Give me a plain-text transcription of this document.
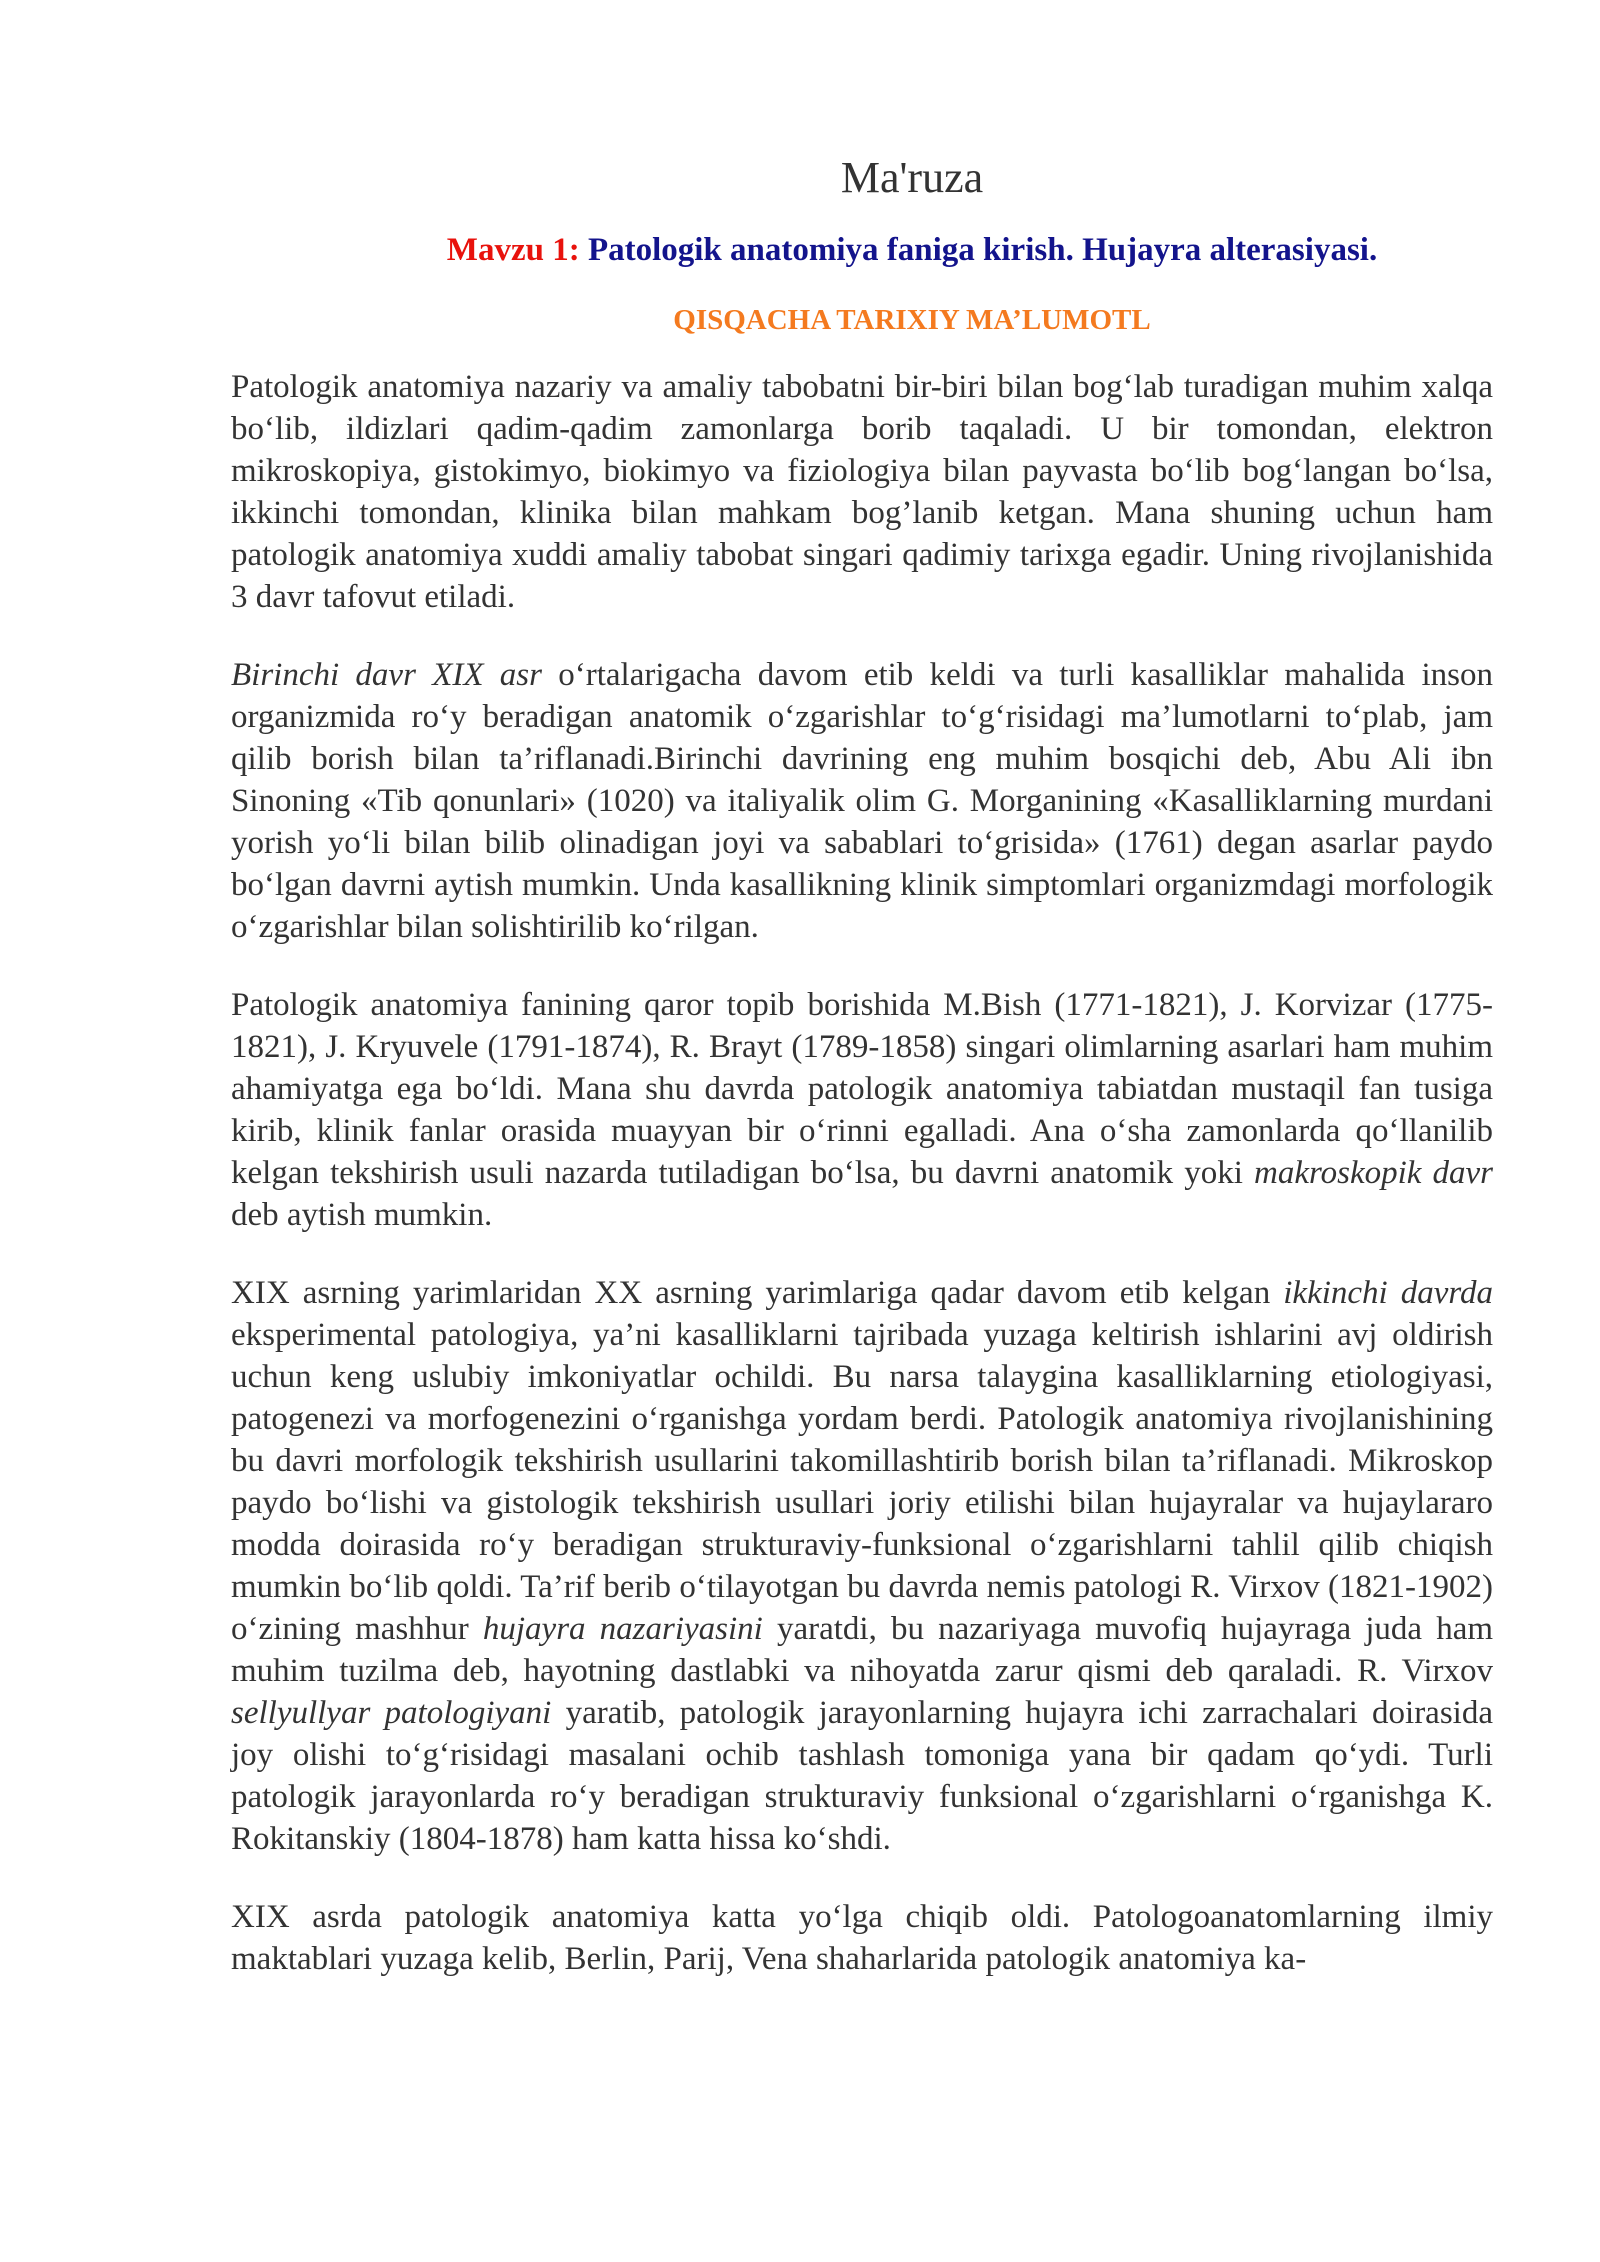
Ma'ruza
Mavzu 1: Patologik anatomiya faniga kirish. Hujayra alterasiyasi.
QISQACHA TARIXIY MA’LUMOTL

Patologik anatomiya nazariy va amaliy tabobatni bir-biri bilan bogʻlab turadigan muhim xalqa boʻlib, ildizlari qadim-qadim zamonlarga borib taqaladi. U bir tomondan, elektron mikroskopiya, gistokimyo, biokimyo va fiziologiya bilan payvasta boʻlib bogʻlangan boʻlsa, ikkinchi tomondan, klinika bilan mahkam bog’lanib ketgan. Mana shuning uchun ham patologik anatomiya xuddi amaliy tabobat singari qadimiy tarixga egadir. Uning rivojlanishida 3 davr tafovut etiladi.

Birinchi davr XIX asr oʻrtalarigacha davom etib keldi va turli kasalliklar mahalida inson organizmida roʻy beradigan anatomik oʻzgarishlar toʻgʻrisidagi ma’lumotlarni toʻplab, jam qilib borish bilan ta’riflanadi.Birinchi davrining eng muhim bosqichi deb, Abu Ali ibn Sinoning «Tib qonunlari» (1020) va italiyalik olim G. Morganining «Kasalliklarning murdani yorish yoʻli bilan bilib olinadigan joyi va sabablari toʻgrisida» (1761) degan asarlar paydo boʻlgan davrni aytish mumkin. Unda kasallikning klinik simptomlari organizmdagi morfologik oʻzgarishlar bilan solishtirilib koʻrilgan.

Patologik anatomiya fanining qaror topib borishida M.Bish (1771-1821), J. Korvizar (1775-1821), J. Kryuvele (1791-1874), R. Brayt (1789-1858) singari olimlarning asarlari ham muhim ahamiyatga ega boʻldi. Mana shu davrda patologik anatomiya tabiatdan mustaqil fan tusiga kirib, klinik fanlar orasida muayyan bir oʻrinni egalladi. Ana oʻsha zamonlarda qoʻllanilib kelgan tekshirish usuli nazarda tutiladigan boʻlsa, bu davrni anatomik yoki makroskopik davr deb aytish mumkin.

XIX asrning yarimlaridan XX asrning yarimlariga qadar davom etib kelgan ikkinchi davrda eksperimental patologiya, ya’ni kasalliklarni tajribada yuzaga keltirish ishlarini avj oldirish uchun keng uslubiy imkoniyatlar ochildi. Bu narsa talaygina kasalliklarning etiologiyasi, patogenezi va morfogenezini oʻrganishga yordam berdi. Patologik anatomiya rivojlanishining bu davri morfologik tekshirish usullarini takomillashtirib borish bilan ta’riflanadi. Mikroskop paydo boʻlishi va gistologik tekshirish usullari joriy etilishi bilan hujayralar va hujaylararo modda doirasida roʻy beradigan strukturaviy-funksional oʻzgarishlarni tahlil qilib chiqish mumkin boʻlib qoldi. Ta’rif berib oʻtilayotgan bu davrda nemis patologi R. Virxov (1821-1902) oʻzining mashhur hujayra nazariyasini yaratdi, bu nazariyaga muvofiq hujayraga juda ham muhim tuzilma deb, hayotning dastlabki va nihoyatda zarur qismi deb qaraladi. R. Virxov sellyullyar patologiyani yaratib, patologik jarayonlarning hujayra ichi zarrachalari doirasida joy olishi toʻgʻrisidagi masalani ochib tashlash tomoniga yana bir qadam qoʻydi. Turli patologik jarayonlarda roʻy beradigan strukturaviy funksional oʻzgarishlarni oʻrganishga K. Rokitanskiy (1804-1878) ham katta hissa koʻshdi.

XIX asrda patologik anatomiya katta yoʻlga chiqib oldi. Patologoanatomlarning ilmiy maktablari yuzaga kelib, Berlin, Parij, Vena shaharlarida patologik anatomiya ka-
